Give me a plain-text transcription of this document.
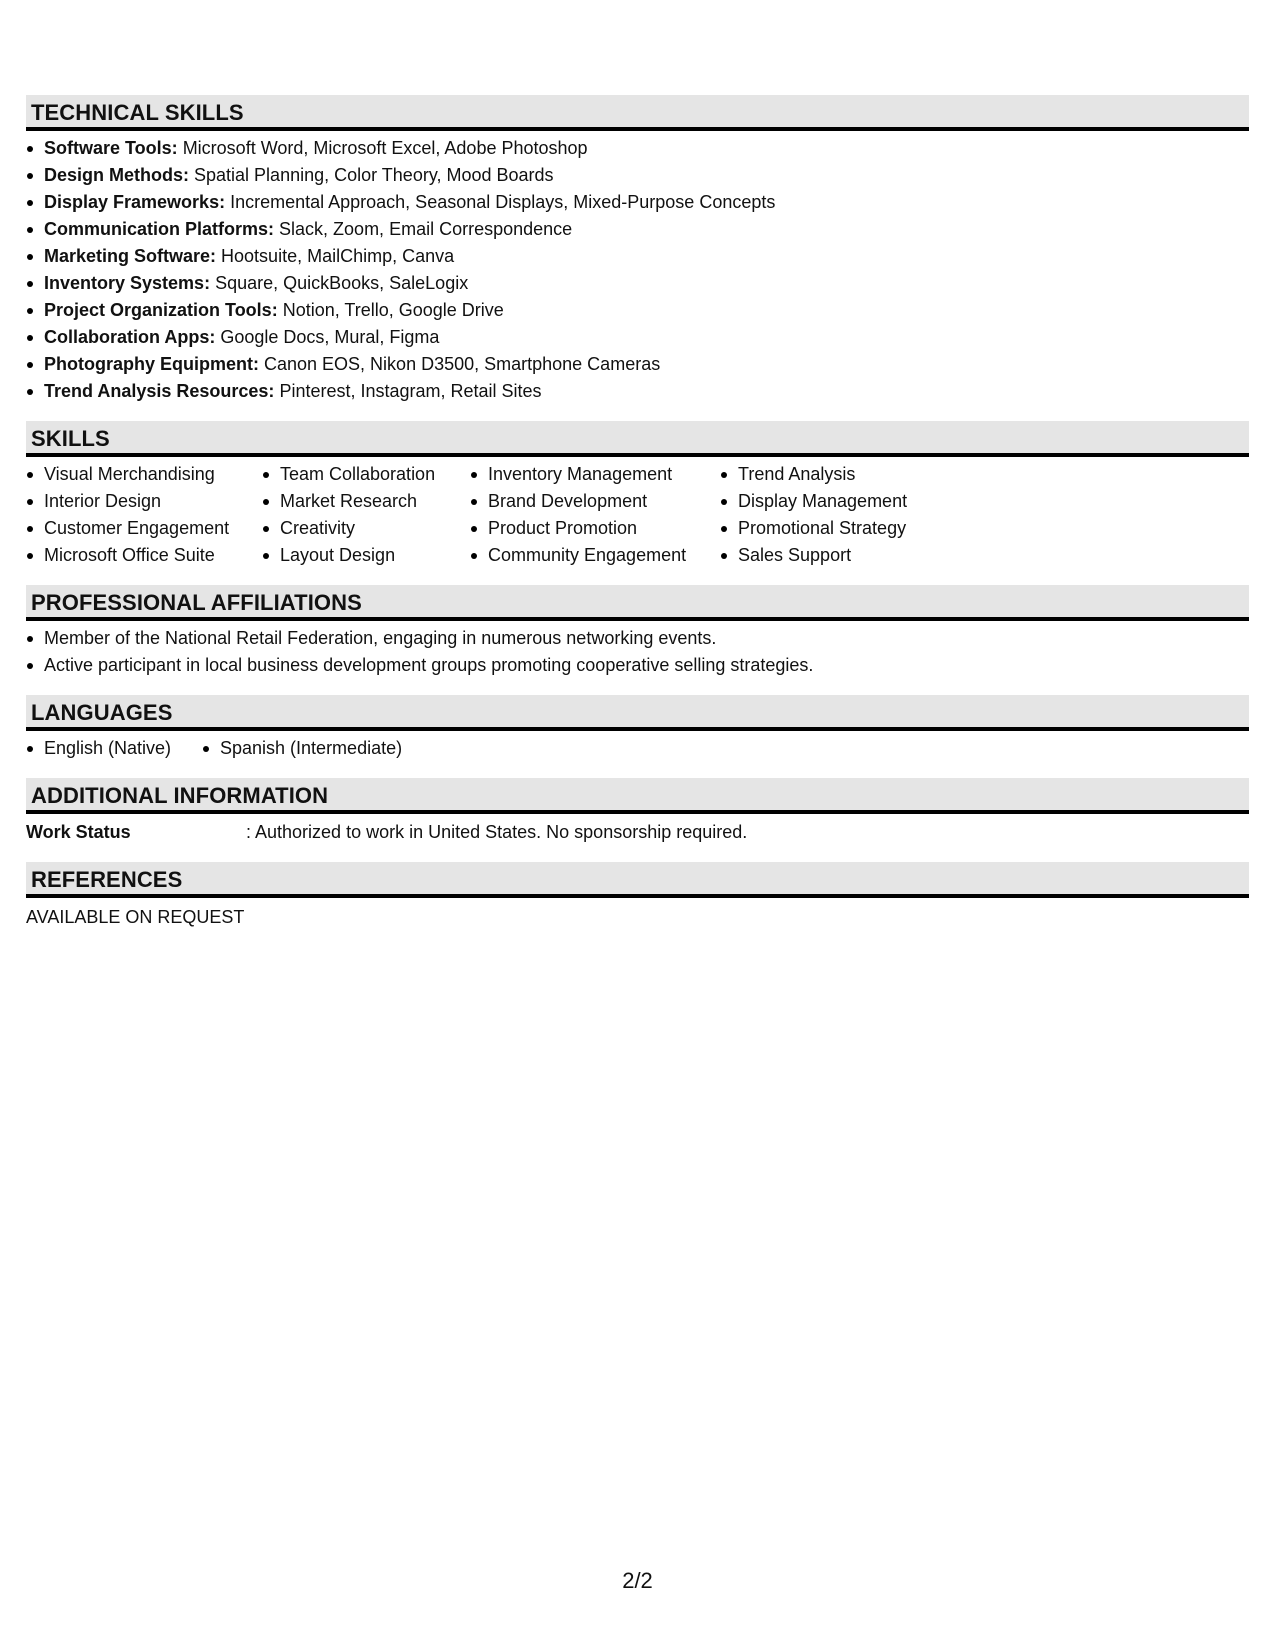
TECHNICAL SKILLS
Software Tools: Microsoft Word, Microsoft Excel, Adobe Photoshop
Design Methods: Spatial Planning, Color Theory, Mood Boards
Display Frameworks: Incremental Approach, Seasonal Displays, Mixed-Purpose Concepts
Communication Platforms: Slack, Zoom, Email Correspondence
Marketing Software: Hootsuite, MailChimp, Canva
Inventory Systems: Square, QuickBooks, SaleLogix
Project Organization Tools: Notion, Trello, Google Drive
Collaboration Apps: Google Docs, Mural, Figma
Photography Equipment: Canon EOS, Nikon D3500, Smartphone Cameras
Trend Analysis Resources: Pinterest, Instagram, Retail Sites
SKILLS
Visual Merchandising
Interior Design
Customer Engagement
Microsoft Office Suite
Team Collaboration
Market Research
Creativity
Layout Design
Inventory Management
Brand Development
Product Promotion
Community Engagement
Trend Analysis
Display Management
Promotional Strategy
Sales Support
PROFESSIONAL AFFILIATIONS
Member of the National Retail Federation, engaging in numerous networking events.
Active participant in local business development groups promoting cooperative selling strategies.
LANGUAGES
English (Native)	Spanish (Intermediate)
ADDITIONAL INFORMATION
Work Status	: Authorized to work in United States. No sponsorship required.
REFERENCES
AVAILABLE ON REQUEST
2/2
